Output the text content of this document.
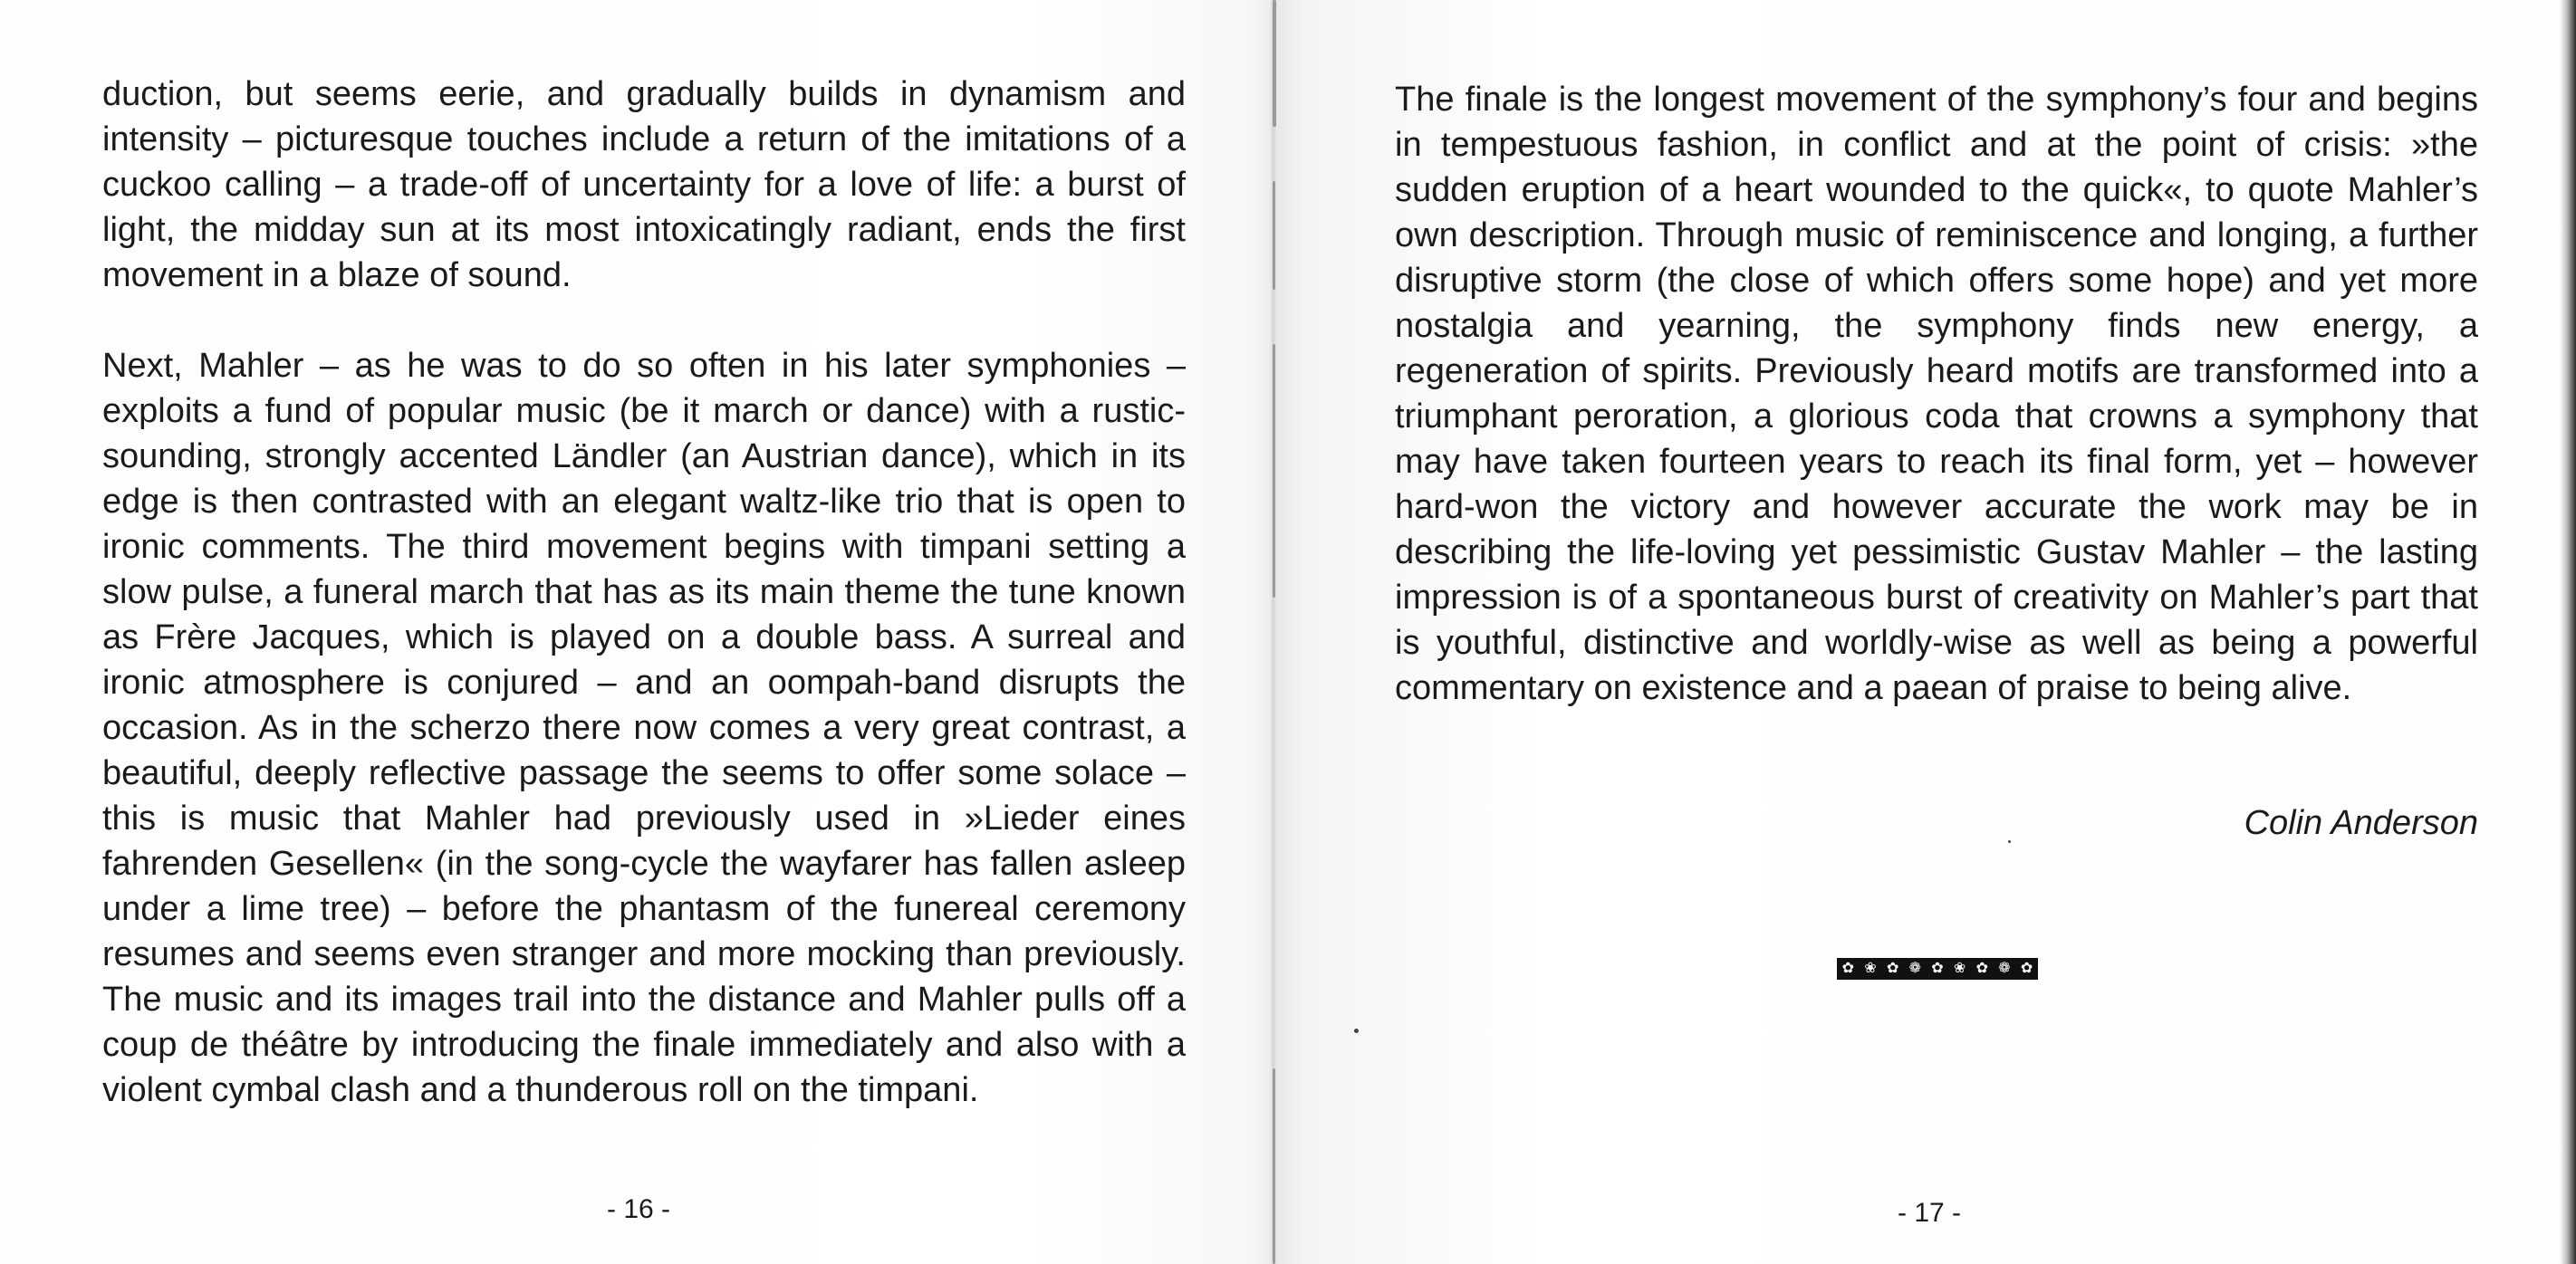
duction, but seems eerie, and gradually builds in dynamism and intensity – picturesque touches include a return of the imitations of a cuckoo calling – a trade-off of uncertainty for a love of life: a burst of light, the midday sun at its most intoxicatingly radiant, ends the first movement in a blaze of sound.

Next, Mahler – as he was to do so often in his later symphonies – exploits a fund of popular music (be it march or dance) with a rustic-sounding, strongly accented Ländler (an Austrian dance), which in its edge is then contrasted with an elegant waltz-like trio that is open to ironic comments. The third movement begins with timpani setting a slow pulse, a funeral march that has as its main theme the tune known as Frère Jacques, which is played on a double bass. A surreal and ironic atmosphere is conjured – and an oompah-band disrupts the occasion. As in the scherzo there now comes a very great contrast, a beautiful, deeply reflective passage the seems to offer some solace – this is music that Mahler had previously used in »Lieder eines fahrenden Gesellen« (in the song-cycle the wayfarer has fallen asleep under a lime tree) – before the phantasm of the funereal ceremony resumes and seems even stranger and more mocking than previously. The music and its images trail into the distance and Mahler pulls off a coup de théâtre by introducing the finale immediately and also with a violent cymbal clash and a thunderous roll on the timpani.

- 16 -

The finale is the longest movement of the symphony’s four and begins in tempestuous fashion, in conflict and at the point of crisis: »the sudden eruption of a heart wounded to the quick«, to quote Mahler’s own description. Through music of reminiscence and longing, a further disruptive storm (the close of which offers some hope) and yet more nostalgia and yearning, the symphony finds new energy, a regeneration of spirits. Previously heard motifs are transformed into a triumphant peroration, a glorious coda that crowns a symphony that may have taken fourteen years to reach its final form, yet – however hard-won the victory and however accurate the work may be in describing the life-loving yet pessimistic Gustav Mahler – the lasting impression is of a spontaneous burst of creativity on Mahler’s part that is youthful, distinctive and worldly-wise as well as being a powerful commentary on existence and a paean of praise to being alive.

Colin Anderson
✿ ❀ ✿ ❁ ✿ ❀ ✿ ❁ ✿
- 17 -
